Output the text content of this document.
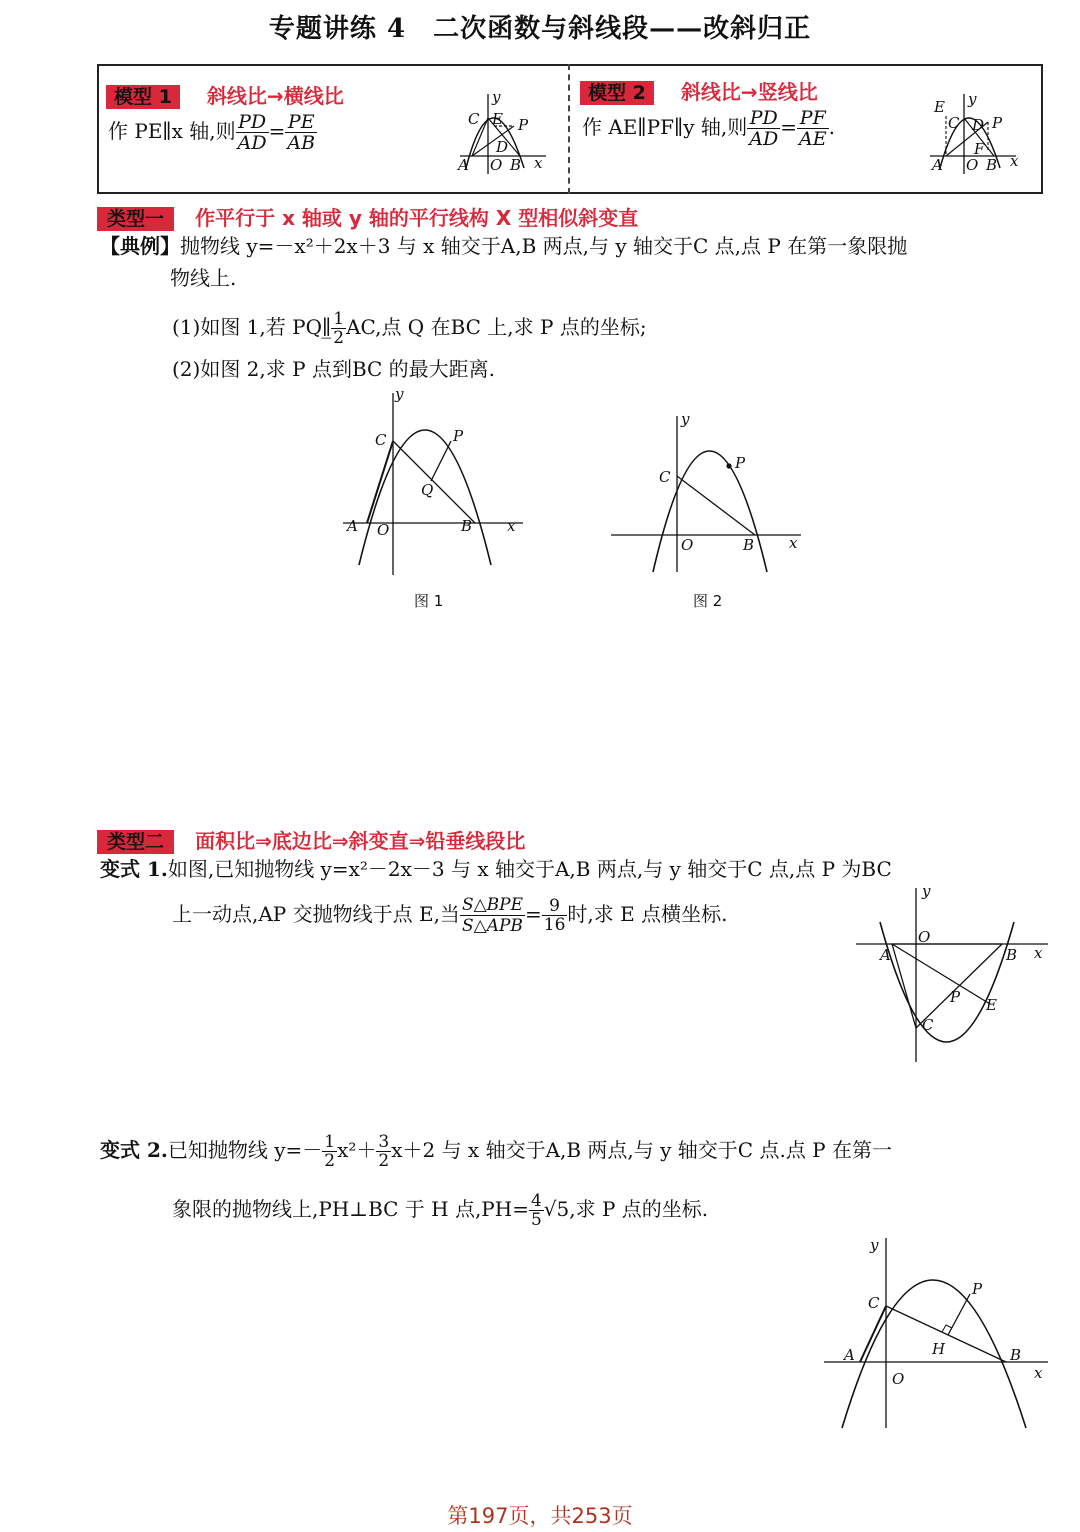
专题讲练 4　二次函数与斜线段——改斜归正
模型 1 斜线比→横线比
作 PE∥x 轴,则 $\frac{PD}{AD} = \frac{PE}{AB}$	C E P
D
A O B x
y	模型 2 斜线比→竖线比
作 AE∥PF∥y 轴,则 $\frac{PD}{AD} = \frac{PF}{AE}$ .
E y
C D P
F
A O B x
类型一 作平行于 x 轴或 y 轴的平行线构 X 型相似斜变直
【典例】抛物线 y=－x²＋2x＋3 与 x 轴交于A,B 两点,与 y 轴交于C 点,点 P 在第一象限抛
物线上.
(1)如图 1,若 PQ∥̲ $\frac{1}{2}$ AC,点 Q 在BC 上,求 P 点的坐标;
(2)如图 2,求 P 点到BC 的最大距离.
y
C	P
Q
A O	B x
图 1
y
C
P
O	B x
图 2
类型二 面积比⇒底边比⇒斜变直⇒铅垂线段比
变式 1.如图,已知抛物线 y=x²－2x－3 与 x 轴交于A,B 两点,与 y 轴交于C 点,点 P 为BC
上一动点,AP 交抛物线于点 E,当 $\frac{\text{S△BPE}}{\text{S△APB}} = \frac{9}{16}$ 时,求 E 点横坐标.
y
O
A	B x
P E
C
变式 2.已知抛物线 $y=- \frac{1}{2} x^2+ \frac{3}{2} x+2$ 与 x 轴交于A,B 两点,与 y 轴交于C 点.点 P 在第一
象限的抛物线上,PH⊥BC 于 H 点$,PH= \frac{4}{5} √5$,求 P 点的坐标.
y
C
P
H
A	B
O	x
第197页，共253页
